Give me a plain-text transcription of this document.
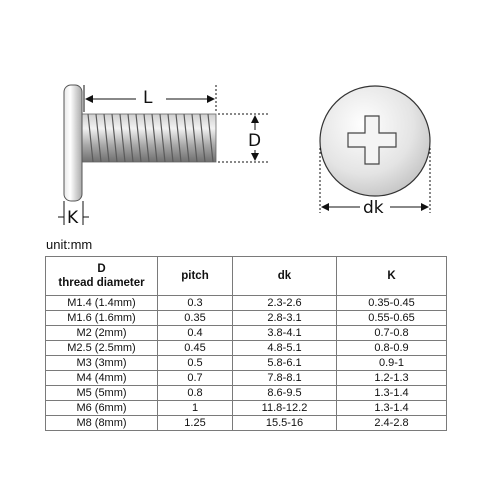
L
D
K	dk
unit:mm
D
thread diameter	pitch	dk	K
M1.4 (1.4mm)	0.3	2.3-2.6	0.35-0.45
M1.6 (1.6mm)	0.35	2.8-3.1	0.55-0.65
M2 (2mm)	0.4	3.8-4.1	0.7-0.8
M2.5 (2.5mm)	0.45	4.8-5.1	0.8-0.9
M3 (3mm)	0.5	5.8-6.1	0.9-1
M4 (4mm)	0.7	7.8-8.1	1.2-1.3
M5 (5mm)	0.8	8.6-9.5	1.3-1.4
M6 (6mm)	1	11.8-12.2	1.3-1.4
M8 (8mm)	1.25	15.5-16	2.4-2.8
